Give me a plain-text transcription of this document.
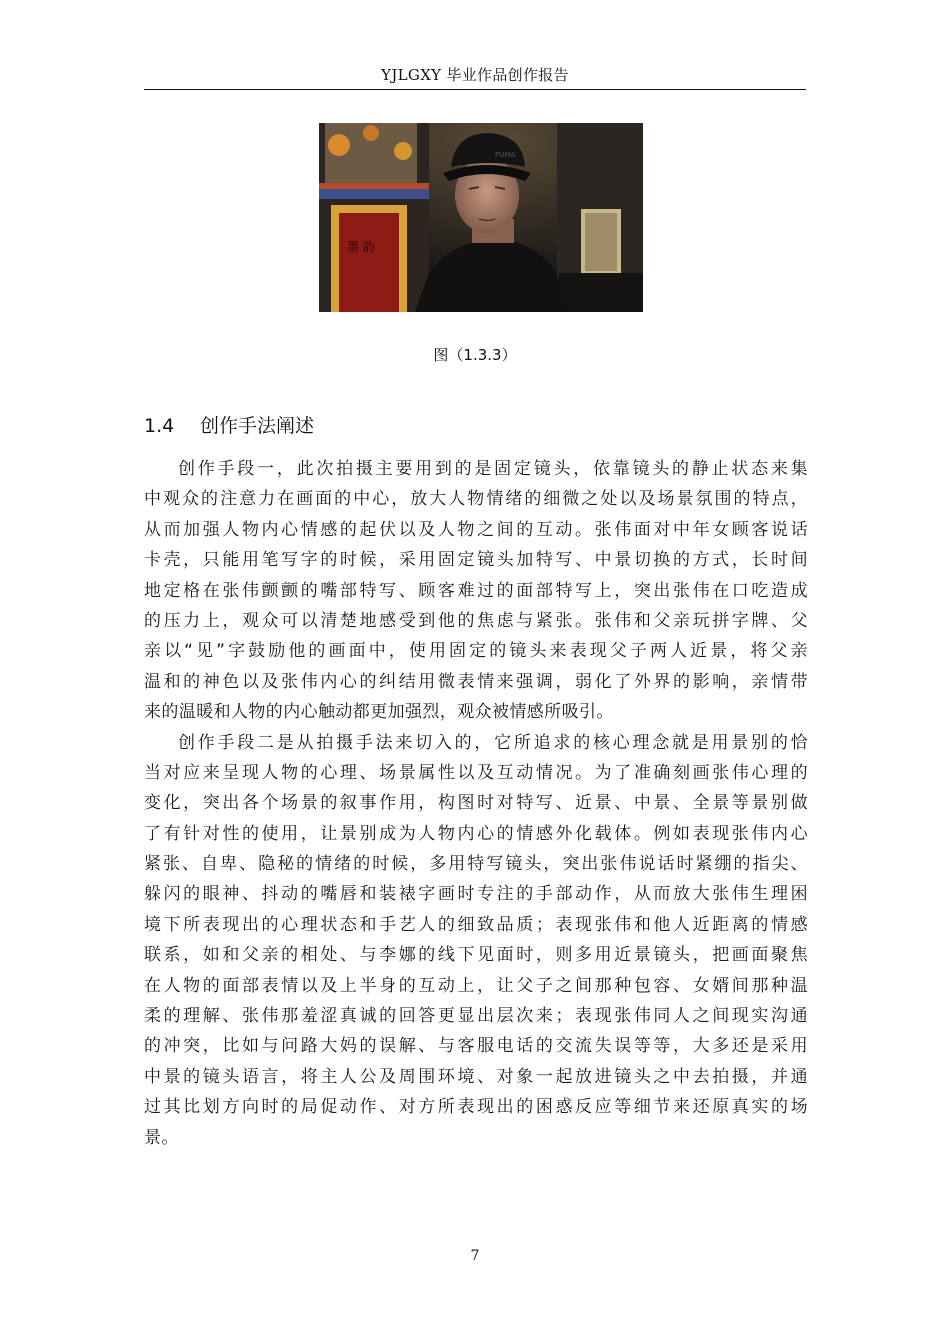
YJLGXY 毕业作品创作报告
墨 韵
PUMA
图（1.3.3）
1.4 创作手法阐述
创作手段一，此次拍摄主要用到的是固定镜头，依靠镜头的静止状态来集
中观众的注意力在画面的中心，放大人物情绪的细微之处以及场景氛围的特点，
从而加强人物内心情感的起伏以及人物之间的互动。张伟面对中年女顾客说话
卡壳，只能用笔写字的时候，采用固定镜头加特写、中景切换的方式，长时间
地定格在张伟颤颤的嘴部特写、顾客难过的面部特写上，突出张伟在口吃造成
的压力上，观众可以清楚地感受到他的焦虑与紧张。张伟和父亲玩拼字牌、父
亲以“见”字鼓励他的画面中，使用固定的镜头来表现父子两人近景，将父亲
温和的神色以及张伟内心的纠结用微表情来强调，弱化了外界的影响，亲情带
来的温暖和人物的内心触动都更加强烈，观众被情感所吸引。
创作手段二是从拍摄手法来切入的，它所追求的核心理念就是用景别的恰
当对应来呈现人物的心理、场景属性以及互动情况。为了准确刻画张伟心理的
变化，突出各个场景的叙事作用，构图时对特写、近景、中景、全景等景别做
了有针对性的使用，让景别成为人物内心的情感外化载体。例如表现张伟内心
紧张、自卑、隐秘的情绪的时候，多用特写镜头，突出张伟说话时紧绷的指尖、
躲闪的眼神、抖动的嘴唇和装裱字画时专注的手部动作，从而放大张伟生理困
境下所表现出的心理状态和手艺人的细致品质；表现张伟和他人近距离的情感
联系，如和父亲的相处、与李娜的线下见面时，则多用近景镜头，把画面聚焦
在人物的面部表情以及上半身的互动上，让父子之间那种包容、女婿间那种温
柔的理解、张伟那羞涩真诚的回答更显出层次来；表现张伟同人之间现实沟通
的冲突，比如与问路大妈的误解、与客服电话的交流失误等等，大多还是采用
中景的镜头语言，将主人公及周围环境、对象一起放进镜头之中去拍摄，并通
过其比划方向时的局促动作、对方所表现出的困惑反应等细节来还原真实的场
景。
7
